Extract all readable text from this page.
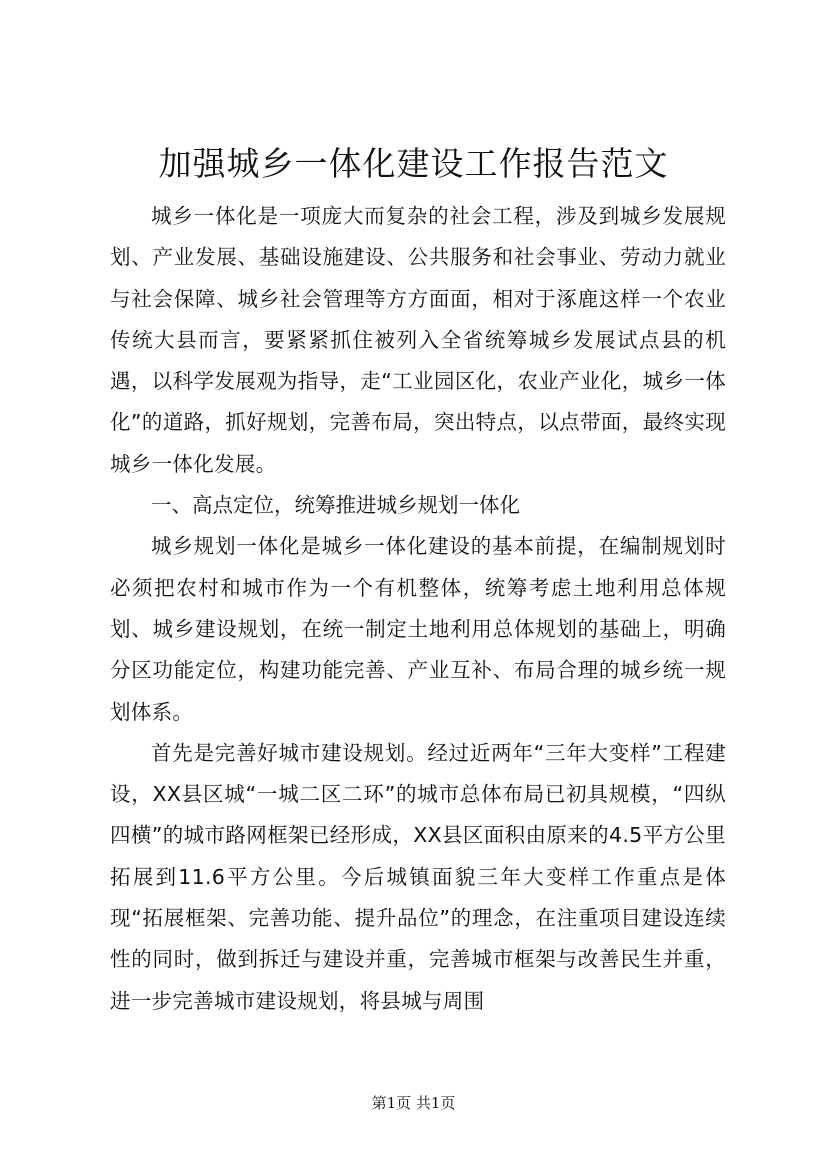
加强城乡一体化建设工作报告范文

城乡一体化是一项庞大而复杂的社会工程，涉及到城乡发展规划、产业发展、基础设施建设、公共服务和社会事业、劳动力就业与社会保障、城乡社会管理等方方面面，相对于涿鹿这样一个农业传统大县而言，要紧紧抓住被列入全省统筹城乡发展试点县的机遇，以科学发展观为指导，走“工业园区化，农业产业化，城乡一体化”的道路，抓好规划，完善布局，突出特点，以点带面，最终实现城乡一体化发展。

一、高点定位，统筹推进城乡规划一体化

城乡规划一体化是城乡一体化建设的基本前提，在编制规划时必须把农村和城市作为一个有机整体，统筹考虑土地利用总体规划、城乡建设规划，在统一制定土地利用总体规划的基础上，明确分区功能定位，构建功能完善、产业互补、布局合理的城乡统一规划体系。

首先是完善好城市建设规划。经过近两年“三年大变样”工程建设，XX县区城“一城二区二环”的城市总体布局已初具规模，“四纵四横”的城市路网框架已经形成，XX县区面积由原来的4.5平方公里拓展到11.6平方公里。今后城镇面貌三年大变样工作重点是体现“拓展框架、完善功能、提升品位”的理念，在注重项目建设连续性的同时，做到拆迁与建设并重，完善城市框架与改善民生并重，进一步完善城市建设规划，将县城与周围

第1页 共1页
